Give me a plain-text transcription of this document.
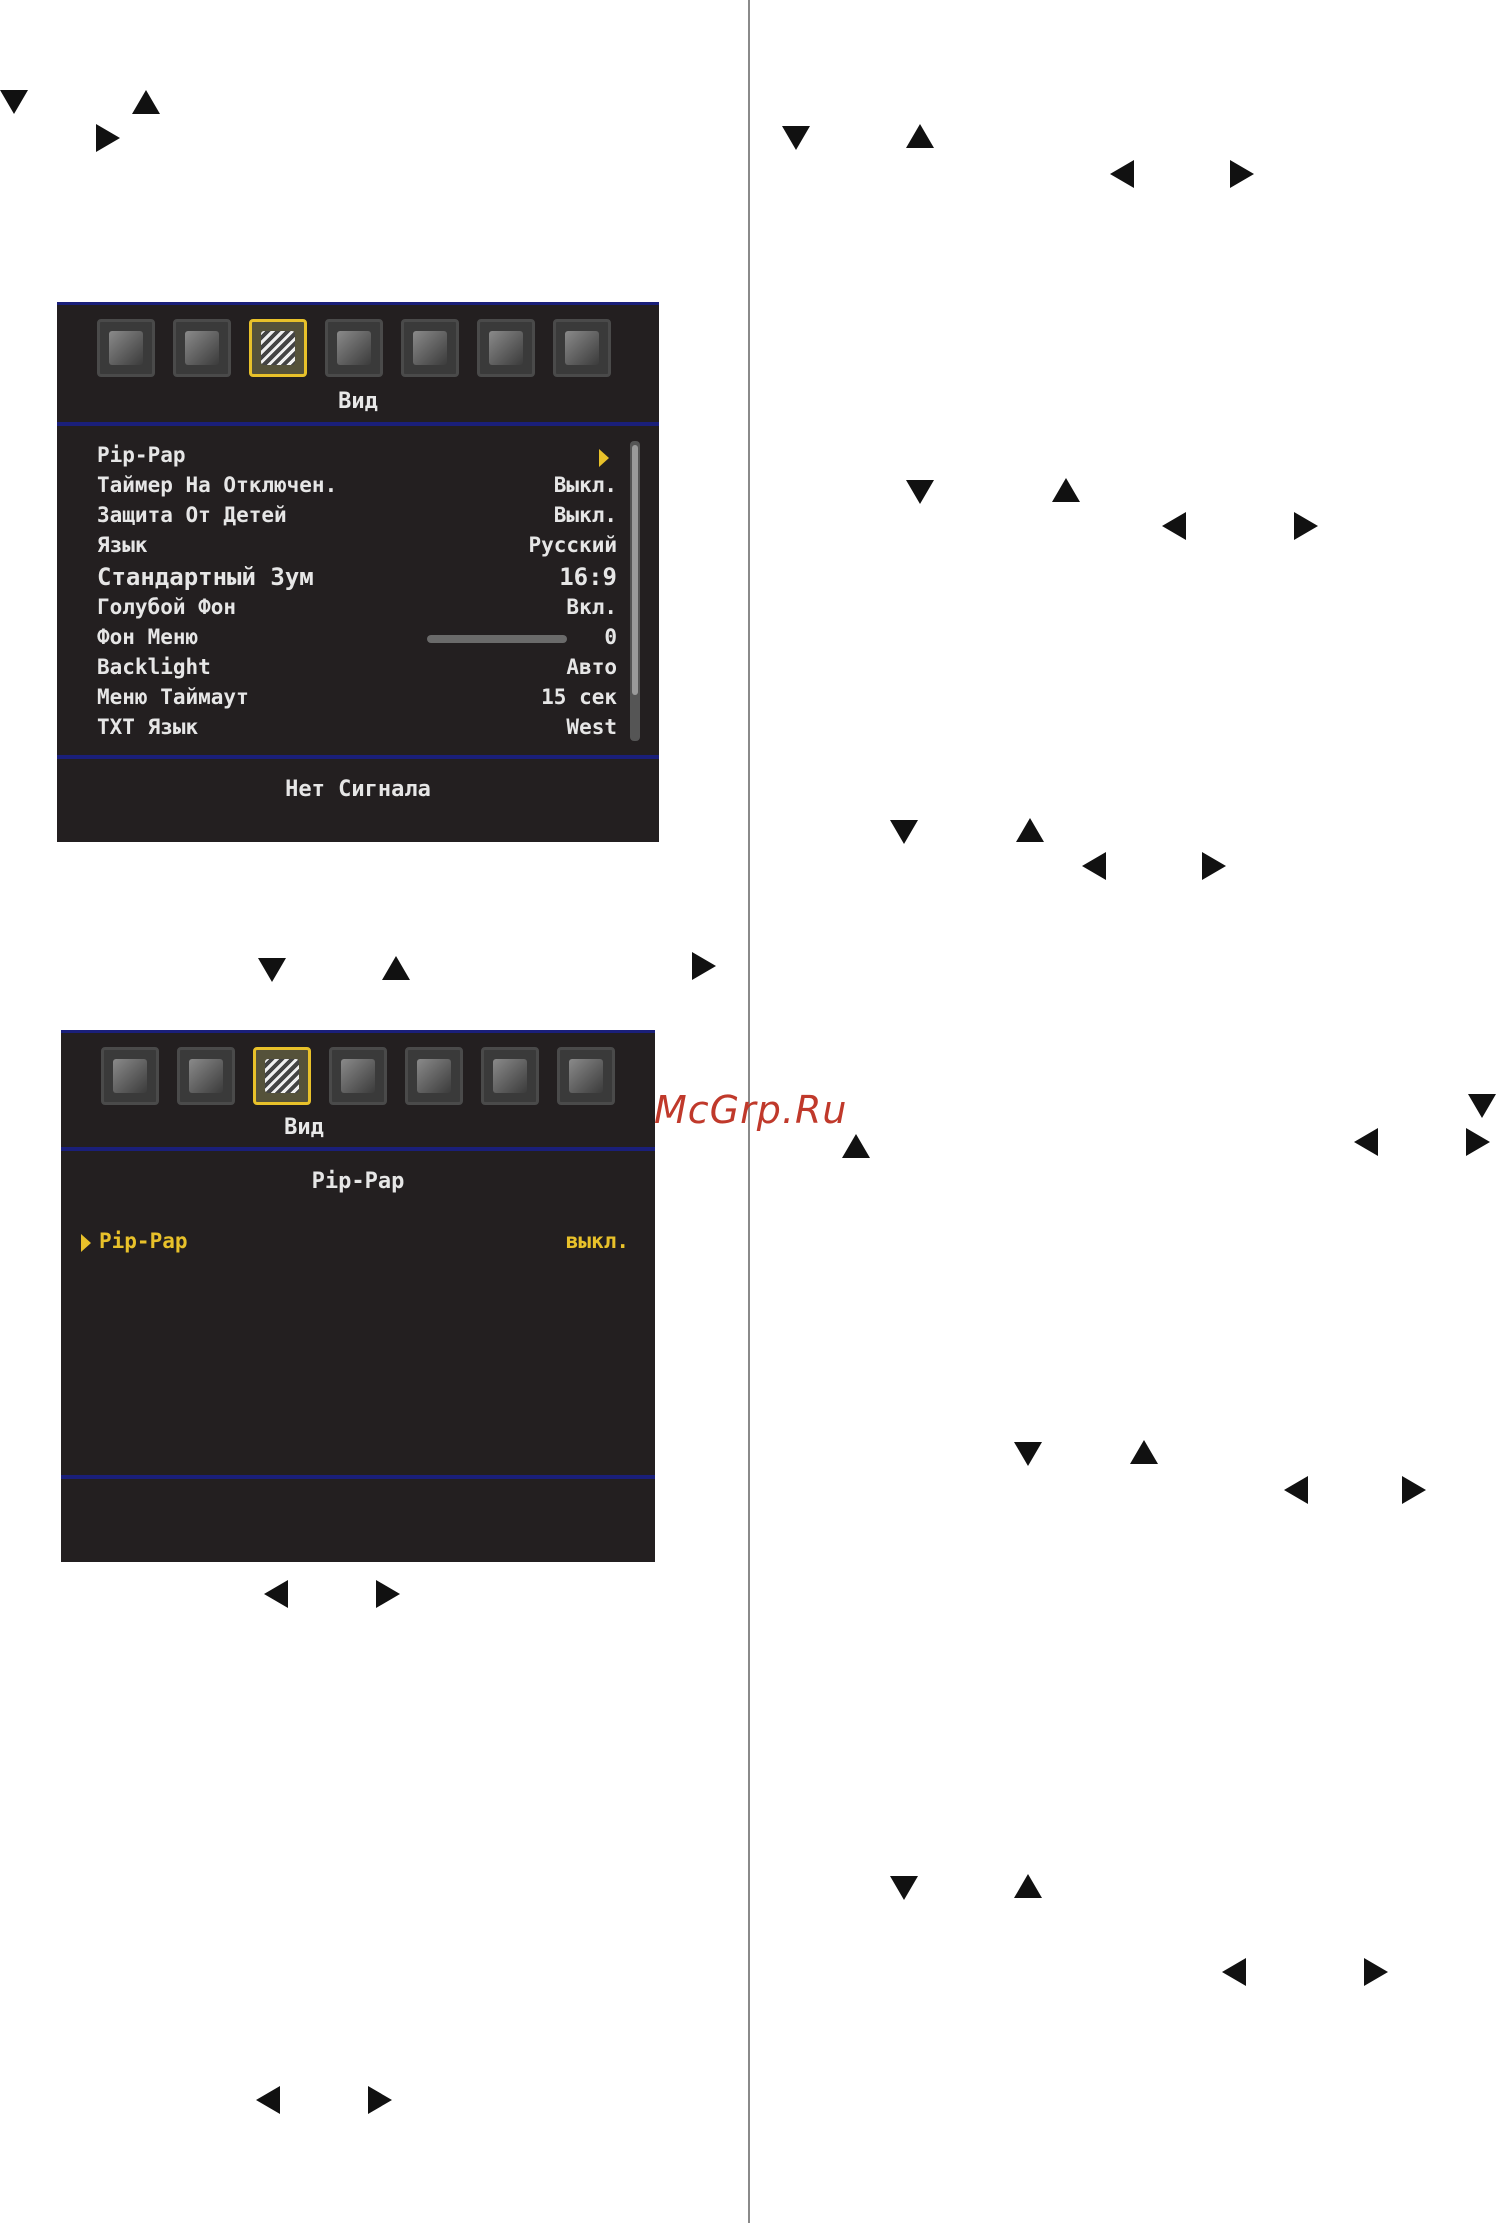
Вид
Pip-Pap
Таймер На Отключен.	Выкл.
Защита От Детей	Выкл.
Язык	Русский
Стандартный Зум	16:9
Голубой Фон	Вкл.
Фон Меню	0
Backlight	Авто
Меню Таймаут	15 сек
TXT Язык	West
Нет Сигнала
Вид
Pip-Pap
Pip-Pap	выкл.
McGrp.Ru
